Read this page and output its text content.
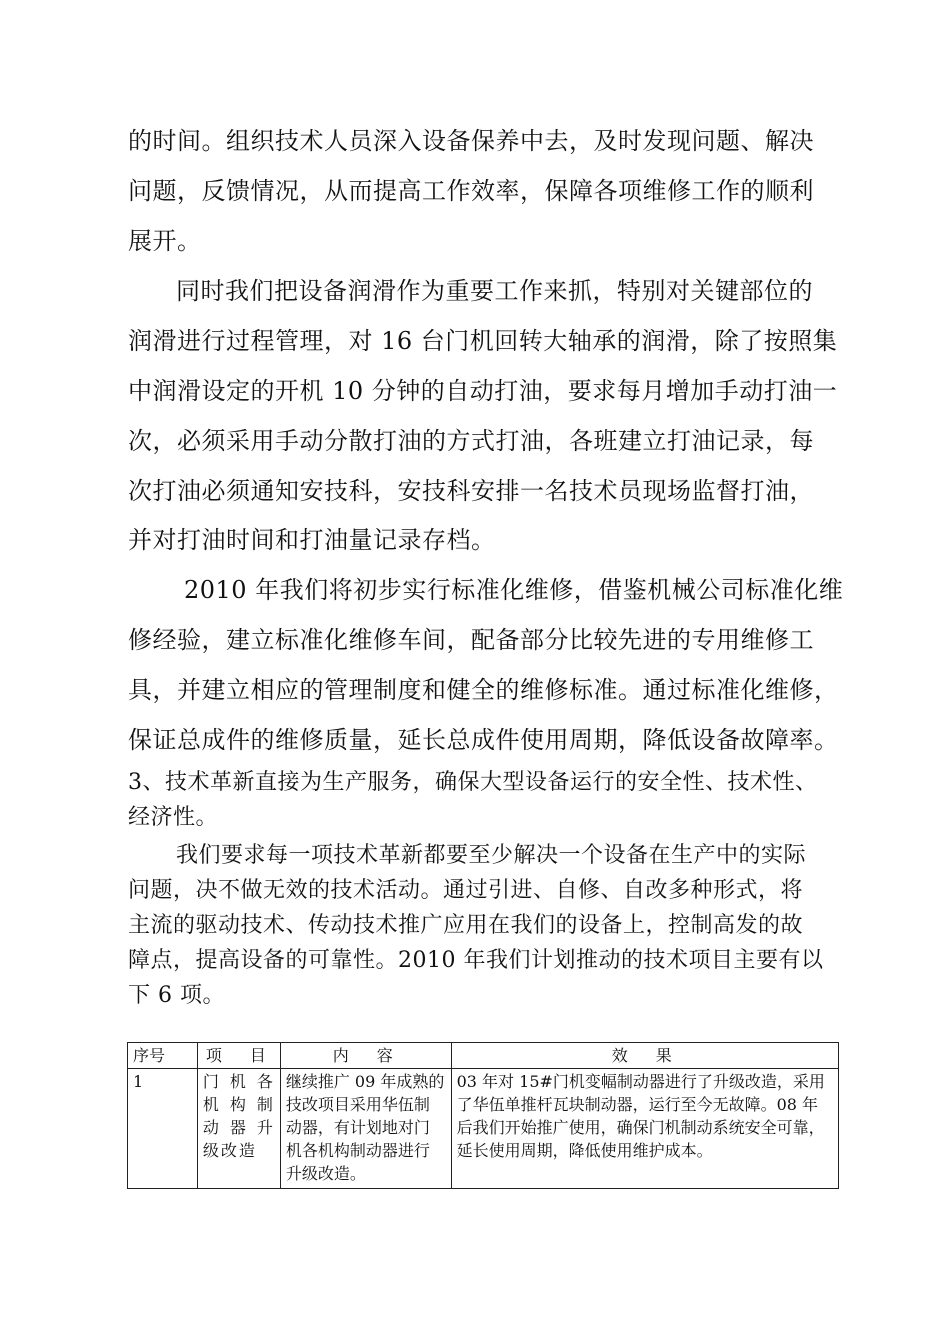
的时间。组织技术人员深入设备保养中去，及时发现问题、解决
问题，反馈情况，从而提高工作效率，保障各项维修工作的顺利
展开。
同时我们把设备润滑作为重要工作来抓，特别对关键部位的
润滑进行过程管理，对 16 台门机回转大轴承的润滑，除了按照集
中润滑设定的开机 10 分钟的自动打油，要求每月增加手动打油一
次，必须采用手动分散打油的方式打油，各班建立打油记录，每
次打油必须通知安技科，安技科安排一名技术员现场监督打油，
并对打油时间和打油量记录存档。
2010 年我们将初步实行标准化维修，借鉴机械公司标准化维
修经验，建立标准化维修车间，配备部分比较先进的专用维修工
具，并建立相应的管理制度和健全的维修标准。通过标准化维修，
保证总成件的维修质量，延长总成件使用周期，降低设备故障率。
3、技术革新直接为生产服务，确保大型设备运行的安全性、技术性、
经济性。
我们要求每一项技术革新都要至少解决一个设备在生产中的实际
问题，决不做无效的技术活动。通过引进、自修、自改多种形式，将
主流的驱动技术、传动技术推广应用在我们的设备上，控制高发的故
障点，提高设备的可靠性。2010 年我们计划推动的技术项目主要有以
下 6 项。
序号	项　目	内　容	效　果
1	门机各机构制动器升级改造	继续推广 09 年成熟的技改项目采用华伍制动器，有计划地对门机各机构制动器进行升级改造。	03 年对 15#门机变幅制动器进行了升级改造，采用了华伍单推杆瓦块制动器，运行至今无故障。08 年后我们开始推广使用，确保门机制动系统安全可靠，延长使用周期，降低使用维护成本。
